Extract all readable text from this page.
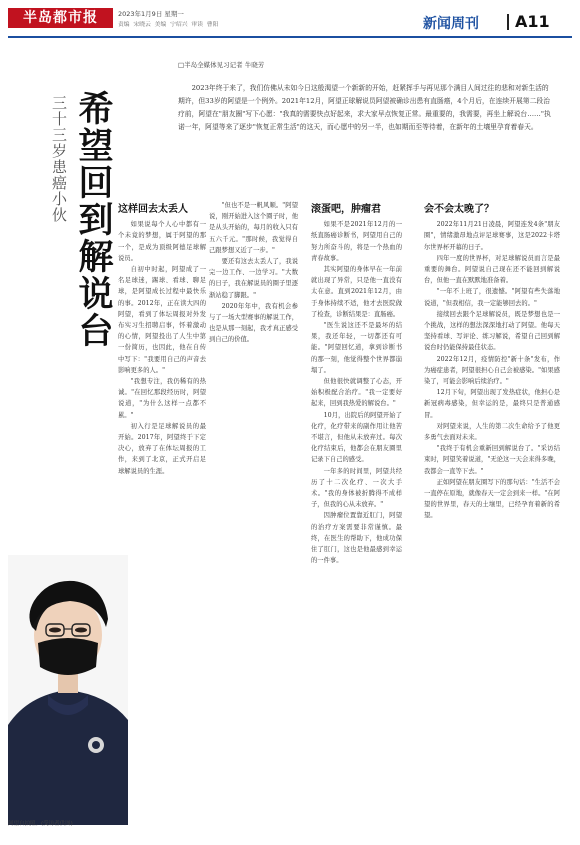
半岛都市报	2023年1月9日 星期一
责编 宋晓云 美编 宁绍兴 审读 曹阳	新闻周刊 A11
□半岛全媒体见习记者 牛晓芳
2023年终于来了，我们仿佛从未如今日这般渴望一个新新的开始，赶紧挥手与再见那个满目人间过往的悲和对新生活的期许，但33岁的阿望是一个例外。2021年12月，阿望正球解说员阿望被确诊出患有直肠癌，4个月后，在连续开展第二段治疗前，阿望在"朋友圈"写下心愿："我真的需要快点好起来，求大家早点恢复正常。最重要的，我需要，再坐上解说台……"执诺一年，阿望等来了逐步"恢复正常生活"的这天，而心愿中的另一半，也如期而至等待着，在新年的土壤里孕育着春天。
希望回到解说台
三十三岁患癌小伙	这样回去太丢人

如果说每个人心中都有一个未竟的梦想，属于阿望的那一个，是成为顶级阿德足球解说员。

自初中时起，阿望成了一名足球迷，踢球、看球、聊足球，是阿望成长过程中最快乐的事。2012年，正在读大四的阿望，看到了体坛周报对外发布实习生招聘启事，怀着激动的心情，阿望投出了人生中第一份简历，也因此，他在自传中写下："我要用自己的声音去影响更多的人。"

"我想专注，我仍稀有的热诚。"在回忆那段经历时，阿望说道，"为什么这样一点都不累。"

初入行是足球解说员的最开始。2017年，阿望终于下定决心，放弃了在体坛周报的工作，来到了北京，正式开启足球解说员的生涯。

"但也不是一帆风顺。"阿望说，刚开始进入这个圈子时，他是从头开始的，每月的收入只有五六千元。"那时候，我觉得自己跟梦想又近了一步。"

要还有这去太丢人了，我说完一边工作、一边学习。"大数的日子，我在解说员的圈子里逐渐站稳了脚跟。"

2020年年中，我有机会参与了一场大型赛事的解说工作，也是从那一刻起，我才真正感受到自己的价值。

滚蛋吧，肿瘤君

如果不是2021年12月的一纸直肠癌诊断书，阿望用自己的努力所奋斗的，将是一个热血的青春故事。

其实阿望的身体早在一年前就出现了异常，只是他一直没有太在意。直到2021年12月，由于身体持续不适，他才去医院做了检查，诊断结果是：直肠癌。

"医生说这还不是最坏的结果，我还年轻，一切都还有可能。"阿望回忆道，拿到诊断书的那一刻，他觉得整个世界都崩塌了。

但他很快就调整了心态，开始积极配合治疗。"我一定要好起来，回到我热爱的解说台。"

10月，出院后的阿望开始了化疗，化疗带来的副作用让他苦不堪言，但他从未放弃过。每次化疗结束后，他都会在朋友圈里记录下自己的感受。

一年多的时间里，阿望共经历了十二次化疗、一次大手术。"我的身体被折腾得不成样子，但我的心从未放弃。"

因肿瘤位置靠近肛门，阿望的治疗方案需要非常谨慎。最终，在医生的帮助下，他成功保住了肛门，这也是他最感到幸运的一件事。

会不会太晚了？

2022年11月21日凌晨，阿望连发4条"朋友圈"，情绪激昂地点评足球赛事，这是2022卡塔尔世界杯开幕的日子。

四年一度的世界杯，对足球解说员而言是最重要的舞台。阿望说自己现在还不能回到解说台，但他一直在默默地准备着。

"一年不上班了，很遗憾。"阿望有些失落地说道，"但我相信，我一定能够回去的。"

接续回去跟个足球解说员，既是梦想也是一个挑战，这样的想法深深地打动了阿望。他每天坚持看球、写评论、练习解说，希望自己回到解说台时仍能保持最佳状态。

2022年12月，疫情防控"新十条"发布，作为癌症患者，阿望很担心自己会被感染。"如果感染了，可能会影响后续治疗。"

12月下旬，阿望出现了发热症状，他担心是新冠病毒感染，但幸运的是，最终只是普通感冒。

对阿望来说，人生的第二次生命给予了他更多勇气去面对未来。

"我终于有机会重新回到解说台了。"采访结束时，阿望笑着说道，"无论这一天会来得多晚，我都会一直等下去。"

正如阿望在朋友圈写下的那句话："生活不会一直停在原地，就像春天一定会到来一样。"在阿望的世界里，春天的土壤里，已经孕育着新的希望。

阿望自拍照。(受访者供图)
